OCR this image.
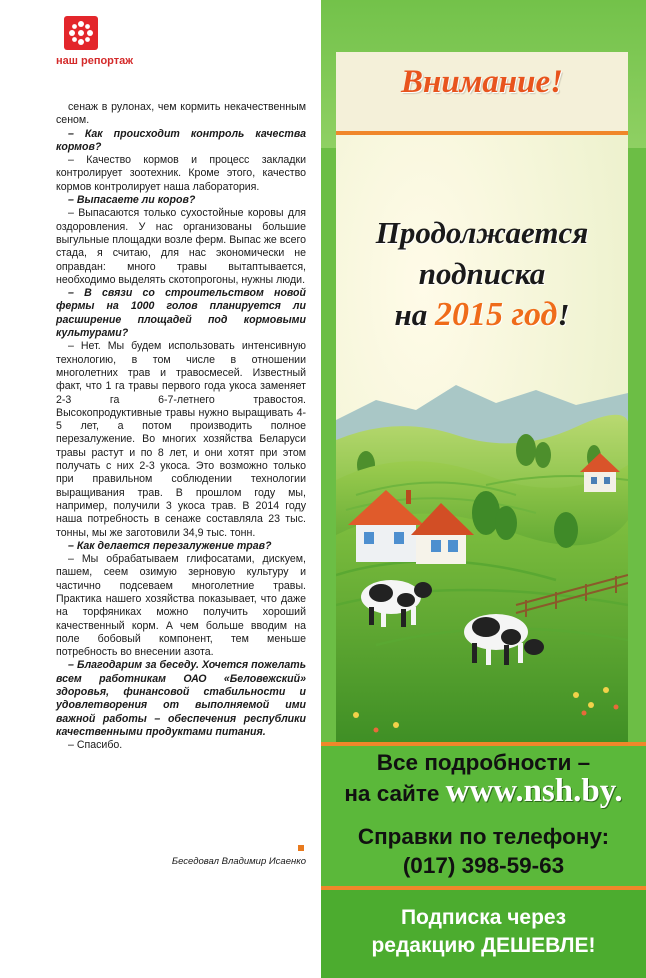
наш репортаж

сенаж в рулонах, чем кормить некачественным сеном.

– Как происходит контроль качества кормов?

– Качество кормов и процесс закладки контролирует зоотехник. Кроме этого, качество кормов контролирует наша лаборатория.

– Выпасаете ли коров?

– Выпасаются только сухостойные коровы для оздоровления. У нас организованы большие выгульные площадки возле ферм. Выпас же всего стада, я считаю, для нас экономически не оправдан: много травы вытаптывается, необходимо выделять скотопрогоны, нужны люди.

– В связи со строительством новой фермы на 1000 голов планируется ли расширение площадей под кормовыми культурами?

– Нет. Мы будем использовать интенсивную технологию, в том числе в отношении многолетних трав и травосмесей. Известный факт, что 1 га травы первого года укоса заменяет 2-3 га 6-7-летнего травостоя. Высокопродуктивные травы нужно выращивать 4-5 лет, а потом производить полное перезалужение. Во многих хозяйства Беларуси травы растут и по 8 лет, и они хотят при этом получать с них 2-3 укоса. Это возможно только при правильном соблюдении технологии выращивания трав. В прошлом году мы, например, получили 3 укоса трав. В 2014 году наша потребность в сенаже составляла 23 тыс. тонны, мы же заготовили 34,9 тыс. тонн.

– Как делается перезалужение трав?

– Мы обрабатываем глифосатами, дискуем, пашем, сеем озимую зерновую культуру и частично подсеваем многолетние травы. Практика нашего хозяйства показывает, что даже на торфяниках можно получить хороший качественный корм. А чем больше вводим на поле бобовый компонент, тем меньше потребность во внесении азота.

– Благодарим за беседу. Хочется пожелать всем работникам ОАО «Беловежский» здоровья, финансовой стабильности и удовлетворения от выполняемой ими важной работы – обеспечения республики качественными продуктами питания.

– Спасибо.

Беседовал Владимир Исаенко
Внимание!
Продолжается
подписка
на 2015 год!
Все подробности –
на сайте www.nsh.by.
Справки по телефону:
(017) 398-59-63
Подписка через
редакцию ДЕШЕВЛЕ!
